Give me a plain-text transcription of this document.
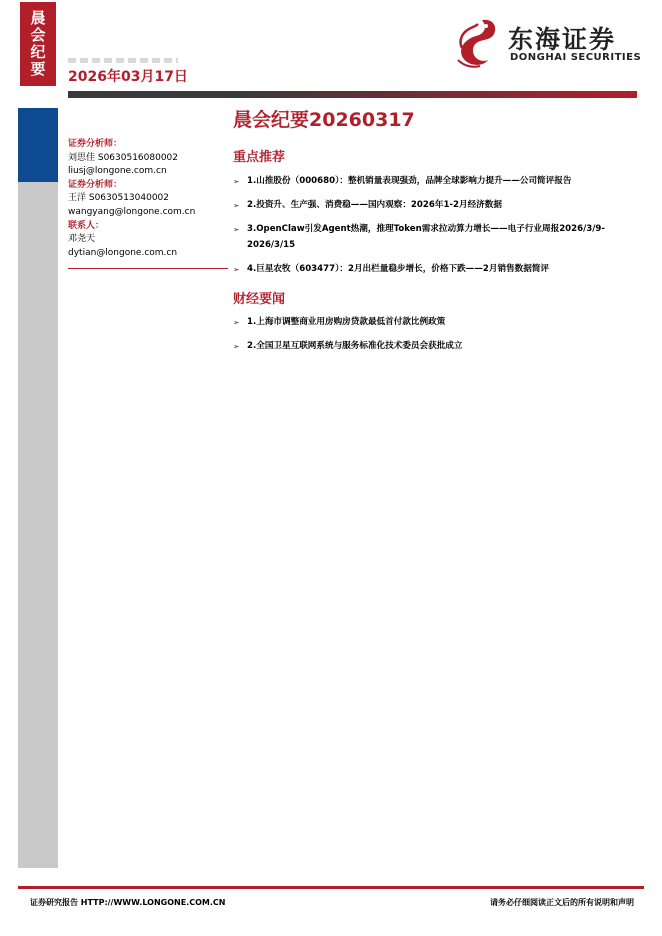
晨会纪要 2026年03月17日
东海证券
DONGHAI SECURITIES
证券分析师：
刘思佳 S0630516080002
liusj@longone.com.cn
证券分析师：
王洋 S0630513040002
wangyang@longone.com.cn
联系人：
邓尧天
dytian@longone.com.cn
晨会纪要20260317
重点推荐
➢ 1.山推股份（000680）：整机销量表现强劲，品牌全球影响力提升——公司简评报告
➢ 2.投资升、生产强、消费稳——国内观察：2026年1-2月经济数据
➢ 3.OpenClaw引发Agent热潮，推理Token需求拉动算力增长——电子行业周报2026/3/9-2026/3/15
➢ 4.巨星农牧（603477）：2月出栏量稳步增长，价格下跌——2月销售数据简评
财经要闻
➢ 1.上海市调整商业用房购房贷款最低首付款比例政策
➢ 2.全国卫星互联网系统与服务标准化技术委员会获批成立
证券研究报告 HTTP://WWW.LONGONE.COM.CN	请务必仔细阅读正文后的所有说明和声明
